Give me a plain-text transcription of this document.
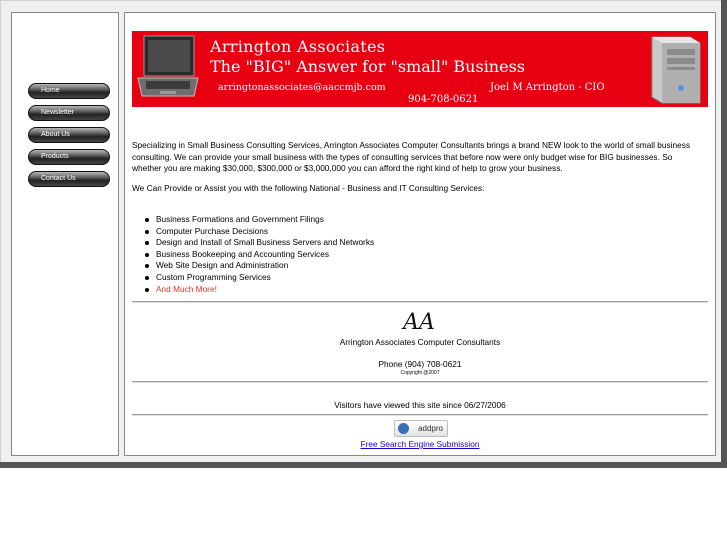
Home
Newsletter
About Us
Products
Contact Us
Arrington Associates
The "BIG" Answer for "small" Business
arringtonassociates@aaccmjb.com	Joel M Arrington - CIO
904-708-0621
Specializing in Small Business Consulting Services, Arrington Associates Computer Consultants brings a brand NEW look to the world of small business consulting. We can provide your small business with the types of consulting services that before now were only budget wise for BIG businesses. So whether you are making $30,000, $300,000 or $3,000,000 you can afford the right kind of help to grow your business.
We Can Provide or Assist you with the following National - Business and IT Consulting Services:
Business Formations and Government Filings
Computer Purchase Decisions
Design and Install of Small Business Servers and Networks
Business Bookeeping and Accounting Services
Web Site Design and Administration
Custom Programming Services
And Much More!
AA
Arrington Associates Computer Consultants
Phone (904) 708-0621
Copyright @2007
Visitors have viewed this site since 06/27/2006
addpro
Free Search Engine Submission
